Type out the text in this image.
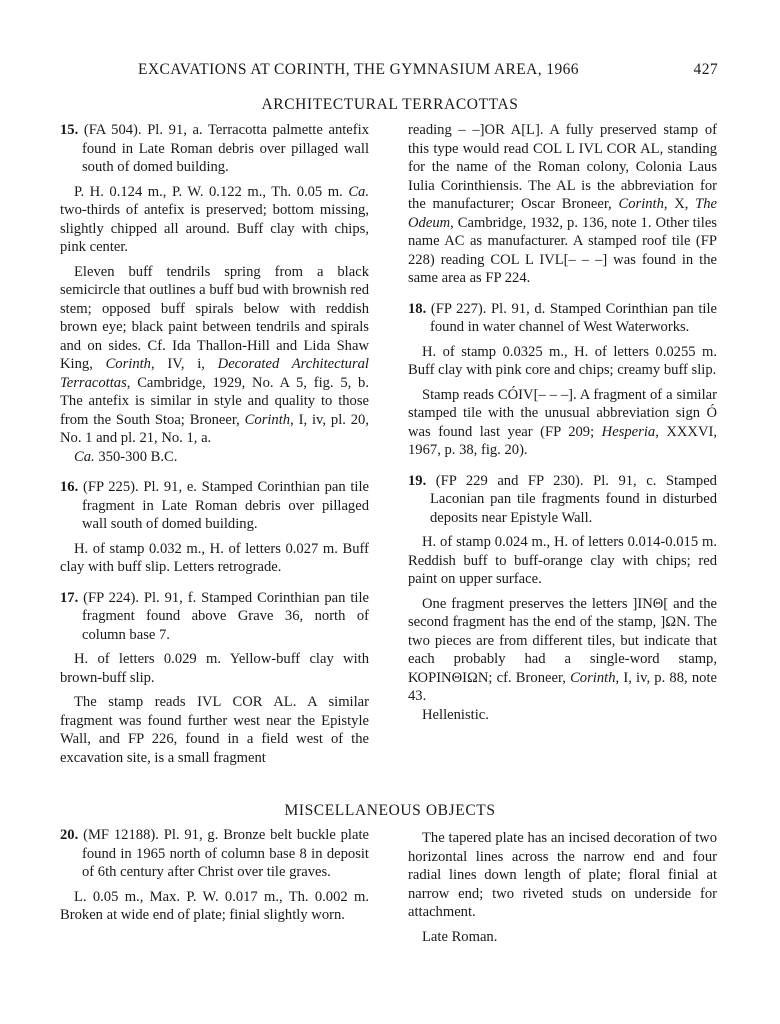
EXCAVATIONS AT CORINTH, THE GYMNASIUM AREA, 1966	427
ARCHITECTURAL TERRACOTTAS

15. (FA 504). Pl. 91, a. Terracotta palmette antefix found in Late Roman debris over pillaged wall south of domed building.

P. H. 0.124 m., P. W. 0.122 m., Th. 0.05 m. Ca. two-thirds of antefix is preserved; bottom missing, slightly chipped all around. Buff clay with chips, pink center.

Eleven buff tendrils spring from a black semicircle that outlines a buff bud with brownish red stem; opposed buff spirals below with reddish brown eye; black paint between tendrils and spirals and on sides. Cf. Ida Thallon-Hill and Lida Shaw King, Corinth, IV, i, Decorated Architectural Terracottas, Cambridge, 1929, No. A 5, fig. 5, b. The antefix is similar in style and quality to those from the South Stoa; Broneer, Corinth, I, iv, pl. 20, No. 1 and pl. 21, No. 1, a.

Ca. 350-300 B.C.

16. (FP 225). Pl. 91, e. Stamped Corinthian pan tile fragment in Late Roman debris over pillaged wall south of domed building.

H. of stamp 0.032 m., H. of letters 0.027 m. Buff clay with buff slip. Letters retrograde.

17. (FP 224). Pl. 91, f. Stamped Corinthian pan tile fragment found above Grave 36, north of column base 7.

H. of letters 0.029 m. Yellow-buff clay with brown-buff slip.

The stamp reads IVL COR AL. A similar fragment was found further west near the Epistyle Wall, and FP 226, found in a field west of the excavation site, is a small fragment

reading – –]OR A[L]. A fully preserved stamp of this type would read COL L IVL COR AL, standing for the name of the Roman colony, Colonia Laus Iulia Corinthiensis. The AL is the abbreviation for the manufacturer; Oscar Broneer, Corinth, X, The Odeum, Cambridge, 1932, p. 136, note 1. Other tiles name AC as manufacturer. A stamped roof tile (FP 228) reading COL L IVL[– – –] was found in the same area as FP 224.

18. (FP 227). Pl. 91, d. Stamped Corinthian pan tile found in water channel of West Waterworks.

H. of stamp 0.0325 m., H. of letters 0.0255 m. Buff clay with pink core and chips; creamy buff slip.

Stamp reads CÓIV[– – –]. A fragment of a similar stamped tile with the unusual abbreviation sign Ó was found last year (FP 209; Hesperia, XXXVI, 1967, p. 38, fig. 20).

19. (FP 229 and FP 230). Pl. 91, c. Stamped Laconian pan tile fragments found in disturbed deposits near Epistyle Wall.

H. of stamp 0.024 m., H. of letters 0.014-0.015 m. Reddish buff to buff-orange clay with chips; red paint on upper surface.

One fragment preserves the letters ]ΙΝΘ[ and the second fragment has the end of the stamp, ]ΩΝ. The two pieces are from different tiles, but indicate that each probably had a single-word stamp, ΚΟΡΙΝΘΙΩΝ; cf. Broneer, Corinth, I, iv, p. 88, note 43.

Hellenistic.

MISCELLANEOUS OBJECTS

20. (MF 12188). Pl. 91, g. Bronze belt buckle plate found in 1965 north of column base 8 in deposit of 6th century after Christ over tile graves.

L. 0.05 m., Max. P. W. 0.017 m., Th. 0.002 m. Broken at wide end of plate; finial slightly worn.

The tapered plate has an incised decoration of two horizontal lines across the narrow end and four radial lines down length of plate; floral finial at narrow end; two riveted studs on underside for attachment.

Late Roman.
